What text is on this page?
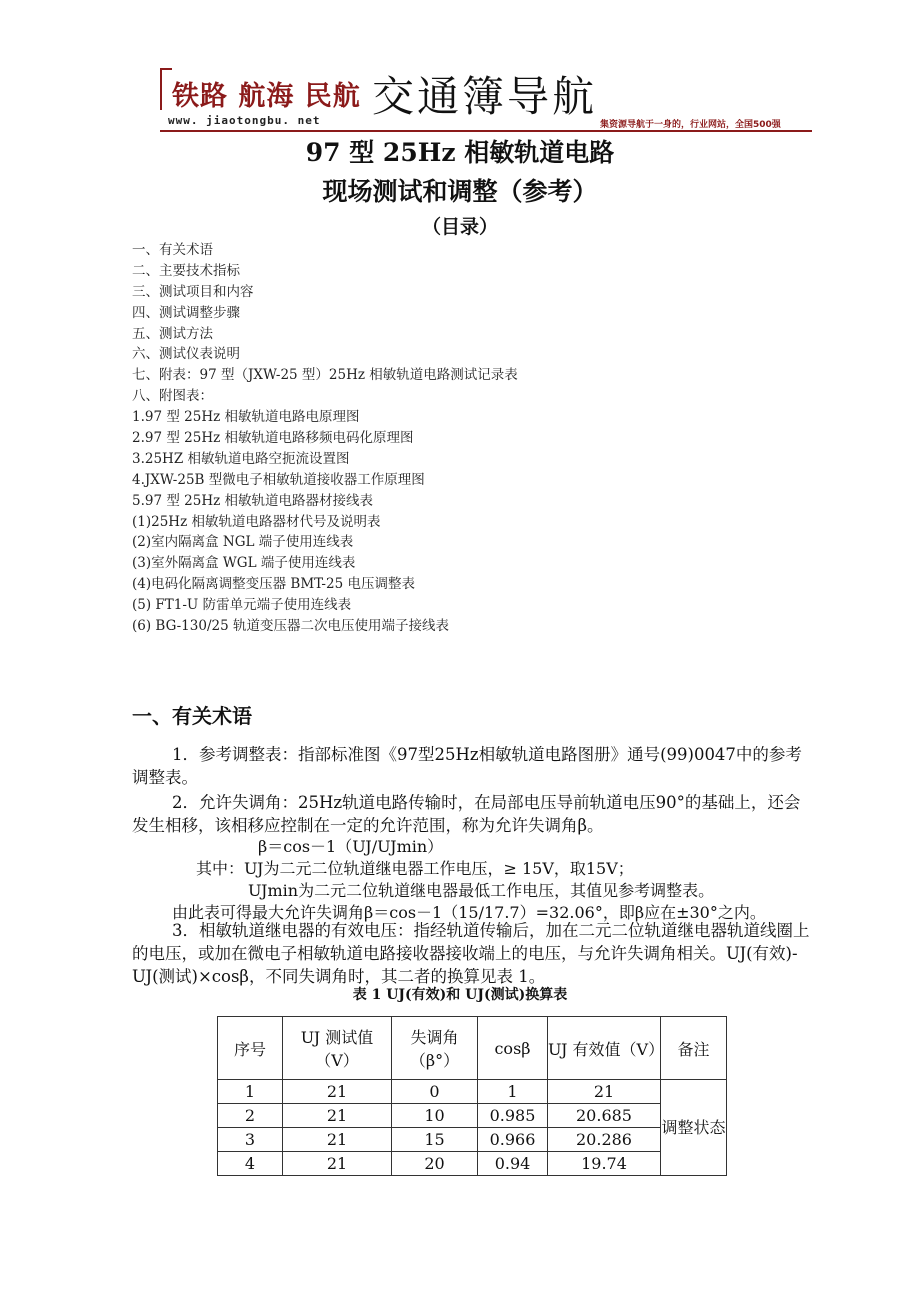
铁路 航海 民航 交通簿导航
www. jiaotongbu. net	集资源导航于一身的，行业网站，全国500强
97 型 25Hz 相敏轨道电路
现场测试和调整（参考）
（目录）
一、有关术语
二、主要技术指标
三、测试项目和内容
四、测试调整步骤
五、测试方法
六、测试仪表说明
七、附表：97 型（JXW-25 型）25Hz 相敏轨道电路测试记录表
八、附图表：
1.97 型 25Hz 相敏轨道电路电原理图
2.97 型 25Hz 相敏轨道电路移频电码化原理图
3.25HZ 相敏轨道电路空扼流设置图
4.JXW-25B 型微电子相敏轨道接收器工作原理图
5.97 型 25Hz 相敏轨道电路器材接线表
(1)25Hz 相敏轨道电路器材代号及说明表
(2)室内隔离盒 NGL 端子使用连线表
(3)室外隔离盒 WGL 端子使用连线表
(4)电码化隔离调整变压器 BMT-25 电压调整表
(5) FT1-U 防雷单元端子使用连线表
(6) BG-130/25 轨道变压器二次电压使用端子接线表
一、有关术语
1．参考调整表：指部标准图《97型25Hz相敏轨道电路图册》通号(99)0047中的参考调整表。
2．允许失调角：25Hz轨道电路传输时，在局部电压导前轨道电压90°的基础上，还会发生相移，该相移应控制在一定的允许范围，称为允许失调角β。
β＝cos－1（UJ/UJmin）
其中：UJ为二元二位轨道继电器工作电压，≥ 15V，取15V；
UJmin为二元二位轨道继电器最低工作电压，其值见参考调整表。
由此表可得最大允许失调角β＝cos－1（15/17.7）=32.06°，即β应在±30°之内。
3．相敏轨道继电器的有效电压：指经轨道传输后，加在二元二位轨道继电器轨道线圈上的电压，或加在微电子相敏轨道电路接收器接收端上的电压，与允许失调角相关。UJ(有效)-UJ(测试)×cosβ，不同失调角时，其二者的换算见表 1。
表 1 UJ(有效)和 UJ(测试)换算表
序号	UJ 测试值（V）	失调角（β°）	cosβ	UJ 有效值（V）	备注
1	21	0	1	21	调整状态
2	21	10	0.985	20.685	
3	21	15	0.966	20.286	
4	21	20	0.94	19.74	
